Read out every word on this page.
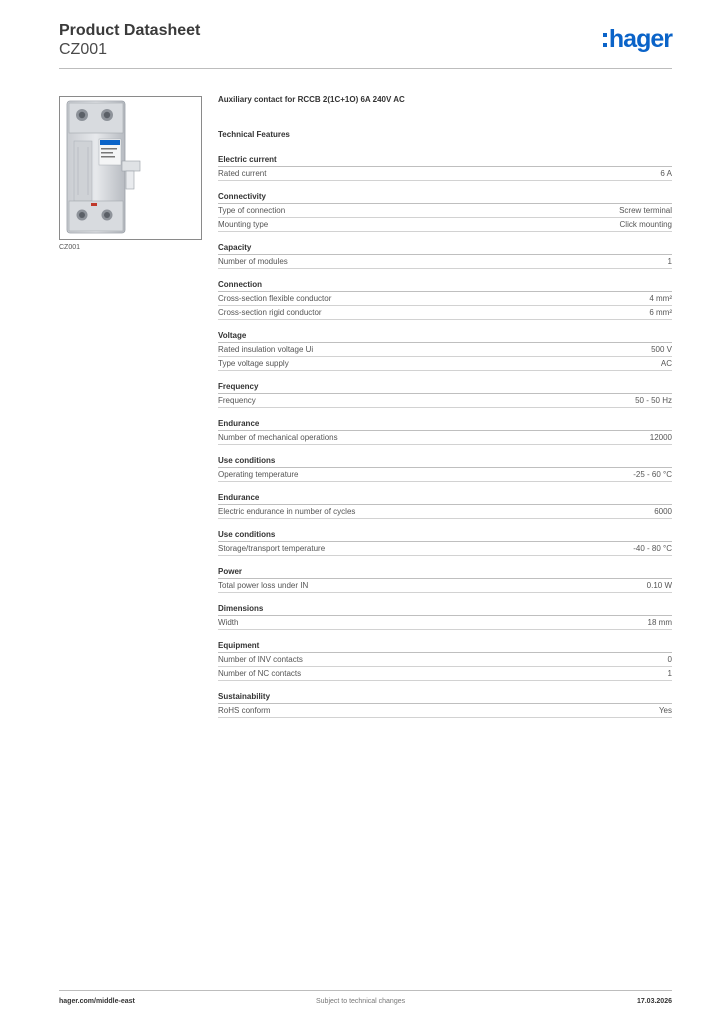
Product Datasheet
CZ001	hager
CZ001
Auxiliary contact for RCCB 2(1C+1O) 6A 240V AC
Technical Features
Electric current
Rated current	6 A
Connectivity
Type of connection	Screw terminal
Mounting type	Click mounting
Capacity
Number of modules	1
Connection
Cross-section flexible conductor	4 mm²
Cross-section rigid conductor	6 mm²
Voltage
Rated insulation voltage Ui	500 V
Type voltage supply	AC
Frequency
Frequency	50 - 50 Hz
Endurance
Number of mechanical operations	12000
Use conditions
Operating temperature	-25 - 60 °C
Endurance
Electric endurance in number of cycles	6000
Use conditions
Storage/transport temperature	-40 - 80 °C
Power
Total power loss under IN	0.10 W
Dimensions
Width	18 mm
Equipment
Number of INV contacts	0
Number of NC contacts	1
Sustainability
RoHS conform	Yes
hager.com/middle-east	Subject to technical changes	17.03.2026
